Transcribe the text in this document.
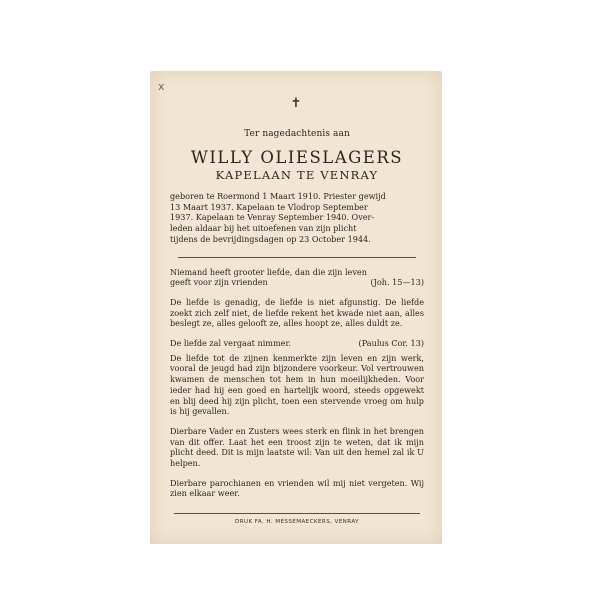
x
✝

Ter nagedachtenis aan

WILLY OLIESLAGERS
KAPELAAN TE VENRAY
geboren te Roermond 1 Maart 1910. Priester gewijd
13 Maart 1937. Kapelaan te Vlodrop September
1937. Kapelaan te Venray September 1940. Over-
leden aldaar bij het uitoefenen van zijn plicht
tijdens de bevrijdingsdagen op 23 October 1944.
Niemand heeft grooter liefde, dan die zijn leven
geeft voor zijn vrienden	(Joh. 15—13)

De liefde is genadig, de liefde is niet afgunstig. De liefde zoekt zich zelf niet, de liefde rekent het kwade niet aan, alles beslegt ze, alles gelooft ze, alles hoopt ze, alles duldt ze.

De liefde zal vergaat nimmer.	(Paulus Cor. 13)

De liefde tot de zijnen kenmerkte zijn leven en zijn werk, vooral de jeugd had zijn bijzondere voorkeur. Vol vertrouwen kwamen de menschen tot hem in hun moeilijkheden. Voor ieder had hij een goed en hartelijk woord, steeds opgewekt en blij deed hij zijn plicht, toen een stervende vroeg om hulp is hij gevallen.

Dierbare Vader en Zusters wees sterk en flink in het brengen van dit offer. Laat het een troost zijn te weten, dat ik mijn plicht deed. Dit is mijn laatste wil: Van uit den hemel zal ik U helpen.

Dierbare parochianen en vrienden wil mij niet vergeten. Wij zien elkaar weer.

DRUK FA. H. MESSEMAECKERS, VENRAY
